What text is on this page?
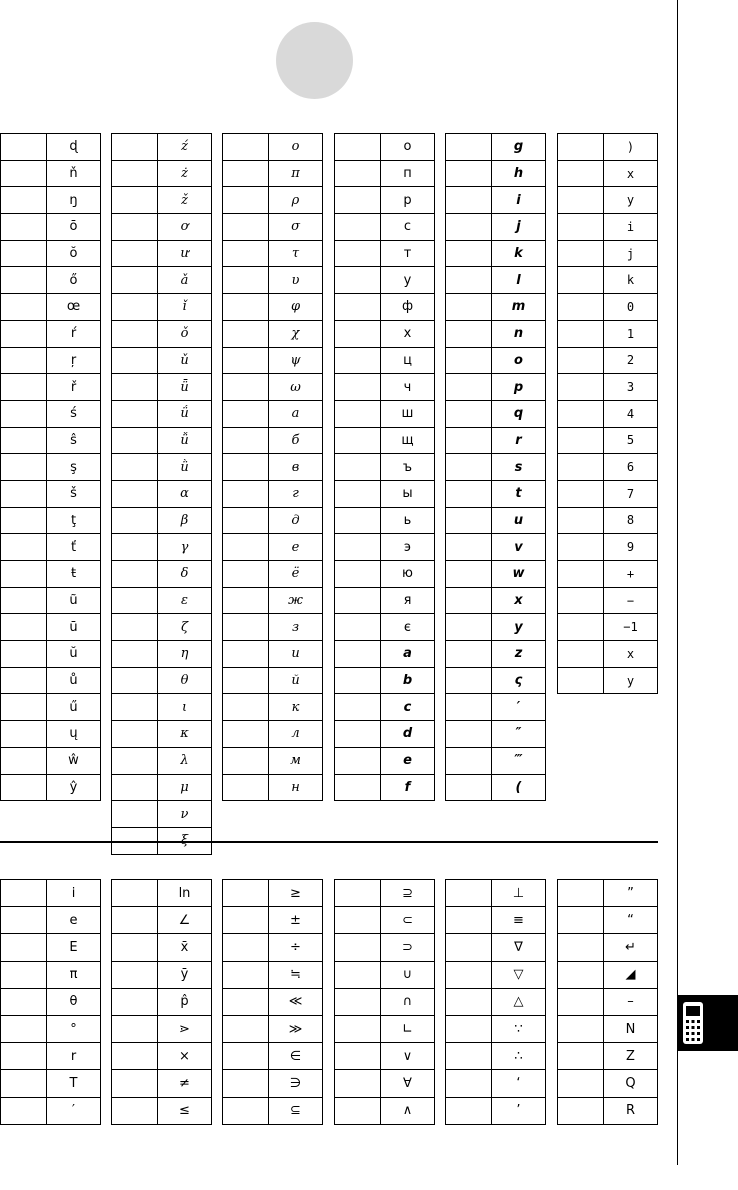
	ɖ
	ň
	ŋ
	ō
	ŏ
	ő
	œ
	ŕ
	ŗ
	ř
	ś
	ŝ
	ş
	š
	ţ
	ť
	ŧ
	ũ
	ū
	ŭ
	ů
	ű
	ų
	ŵ
	ŷ
	ź
	ż
	ž
	ơ
	ư
	ǎ
	ǐ
	ǒ
	ǔ
	ǖ
	ǘ
	ǚ
	ǜ
	α
	β
	γ
	δ
	ε
	ζ
	η
	θ
	ι
	κ
	λ
	μ
	ν
	ξ
	ο
	π
	ρ
	σ
	τ
	υ
	φ
	χ
	ψ
	ω
	а
	б
	в
	г
	д
	е
	ё
	ж
	з
	и
	й
	к
	л
	м
	н
	о
	п
	р
	с
	т
	у
	ф
	х
	ц
	ч
	ш
	щ
	ъ
	ы
	ь
	э
	ю
	я
	є
	a
	b
	c
	d
	e
	f
	g
	h
	i
	j
	k
	l
	m
	n
	o
	p
	q
	r
	s
	t
	u
	v
	w
	x
	y
	z
	ς
	′
	″
	‴
	(
	)
	x
	y
	i
	j
	k
	0
	1
	2
	3
	4
	5
	6
	7
	8
	9
	+
	−
	−1
	x
	y
	i
	e
	E
	π
	θ
	°
	r
	T
	′
	ln
	∠
	x̄
	ȳ
	p̂
	⋗
	×
	≠
	≤
	≥
	±
	÷
	≒
	≪
	≫
	∈
	∋
	⊆
	⊇
	⊂
	⊃
	∪
	∩
	∟
	∨
	∀
	∧
	⊥
	≡
	∇
	▽
	△
	∵
	∴
	‘
	’
	”
	“
	↵
	◢
	–
	N
	Z
	Q
	R
